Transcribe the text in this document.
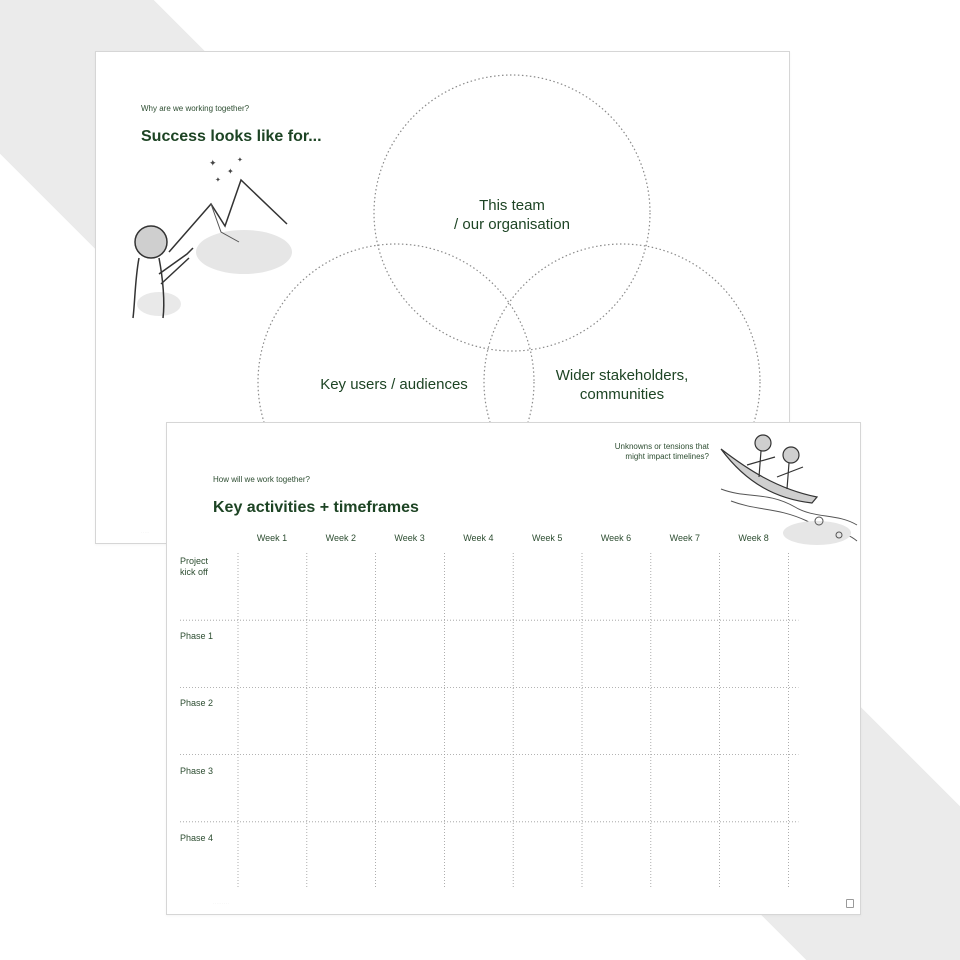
Why are we working together?
Success looks like for...
This team
/ our organisation
Key users / audiences
Wider stakeholders,
communities
✦
✦
✦
✦
· · · · ·
How will we work together?
Key activities + timeframes
Unknowns or tensions that
might impact timelines?
· · · · · · · · ·
Week 1	Week 2	Week 3	Week 4	Week 5	Week 6	Week 7	Week 8
Project
kick off
Phase 1
Phase 2
Phase 3
Phase 4
